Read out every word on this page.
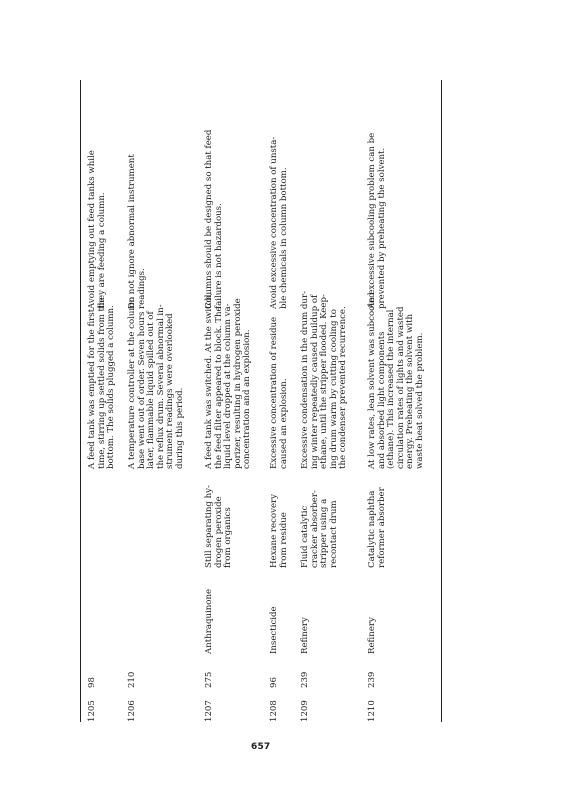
1205
98
A feed tank was emptied for the first time, stirring up settled solids from the bottom. The solids plugged a column.
Avoid emptying out feed tanks while they are feeding a column.
1206
210
A temperature controller at the column base went out of order. Seven hours later, flammable liquid spilled out of the reflux drum. Several abnormal in- strument readings were overlooked during this period.
Do not ignore abnormal instrument readings.
1207
275
Anthraquinone
Still separating hy- drogen peroxide from organics
A feed tank was switched. At the switch, the feed filter appeared to block. The liquid level dropped at the column va- porizer, resulting in hydrogen peroxide concentration and an explosion.
Columns should be designed so that feed failure is not hazardous.
1208
96
Insecticide
Hexane recovery from residue
Excessive concentration of residue caused an explosion.
Avoid excessive concentration of unsta- ble chemicals in column bottom.
1209
239
Refinery
Fluid catalytic cracker absorber- stripper using a recontact drum
Excessive condensation in the drum dur- ing winter repeatedly caused buildup of ethane, until the stripper flooded. Keep- ing drum warm by cutting cooling to the condenser prevented recurrence.
1210
239
Refinery
Catalytic naphtha reformer absorber
At low rates, lean solvent was subcooled and absorbed light components (ethane). This increased the internal circulation rates of lights and wasted energy. Preheating the solvent with waste heat solved the problem.
An excessive subcooling problem can be prevented by preheating the solvent.
657
